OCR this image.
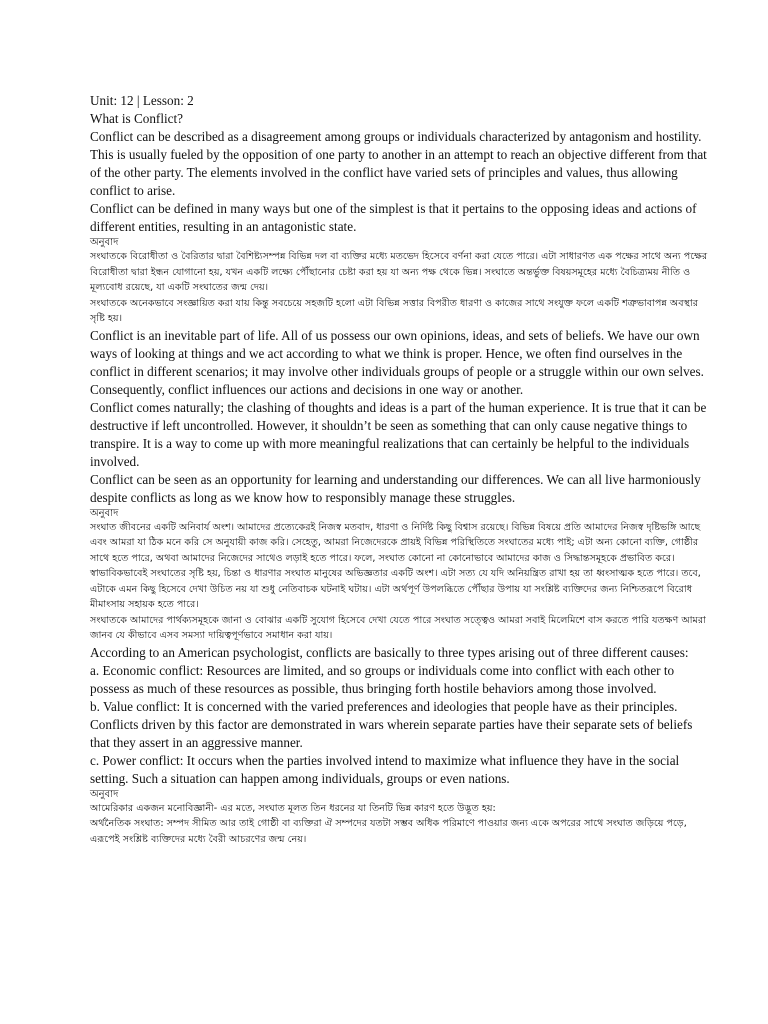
Unit: 12 | Lesson: 2

What is Conflict?

Conflict can be described as a disagreement among groups or individuals characterized by antagonism and hostility. This is usually fueled by the opposition of one party to another in an attempt to reach an objective different from that of the other party. The elements involved in the conflict have varied sets of principles and values, thus allowing conflict to arise.

Conflict can be defined in many ways but one of the simplest is that it pertains to the opposing ideas and actions of different entities, resulting in an antagonistic state.

অনুবাদ

সংঘাতকে বিরোধীতা ও বৈরিতার দ্বারা বৈশিষ্ট্যসম্পন্ন বিভিন্ন দল বা ব্যক্তির মধ্যে মতভেদ হিসেবে বর্ণনা করা যেতে পারে। এটা সাধারণত এক পক্ষের সাথে অন্য পক্ষের বিরোধীতা দ্বারা ইন্ধন যোগানো হয়, যখন একটি লক্ষ্যে পৌঁছানোর চেষ্টা করা হয় যা অন্য পক্ষ থেকে ভিন্ন। সংঘাতে অন্তর্ভুক্ত বিষয়সমূহের মধ্যে বৈচিত্র্যময় নীতি ও মূল্যবোধ রয়েছে, যা একটি সংঘাতের জন্ম দেয়।

সংঘাতকে অনেকভাবে সংজ্ঞায়িত করা যায় কিন্তু সবচেয়ে সহজটি হলো এটা বিভিন্ন সত্তার বিপরীত ধারণা ও কাজের সাথে সংযুক্ত ফলে একটি শত্রুভাবাপন্ন অবস্থার সৃষ্টি হয়।

Conflict is an inevitable part of life. All of us possess our own opinions, ideas, and sets of beliefs. We have our own ways of looking at things and we act according to what we think is proper. Hence, we often find ourselves in the conflict in different scenarios; it may involve other individuals groups of people or a struggle within our own selves. Consequently, conflict influences our actions and decisions in one way or another.

Conflict comes naturally; the clashing of thoughts and ideas is a part of the human experience. It is true that it can be destructive if left uncontrolled. However, it shouldn’t be seen as something that can only cause negative things to transpire. It is a way to come up with more meaningful realizations that can certainly be helpful to the individuals involved.

Conflict can be seen as an opportunity for learning and understanding our differences. We can all live harmoniously despite conflicts as long as we know how to responsibly manage these struggles.

অনুবাদ

সংঘাত জীবনের একটি অনিবার্য অংশ। আমাদের প্রত্যেকেরই নিজস্ব মতবাদ, ধারণা ও নির্দিষ্ট কিছু বিশ্বাস রয়েছে। বিভিন্ন বিষয়ে প্রতি আমাদের নিজস্ব দৃষ্টিভঙ্গি আছে এবং আমরা যা ঠিক মনে করি সে অনুযায়ী কাজ করি। সেহেতু, আমরা নিজেদেরকে প্রায়ই বিভিন্ন পরিস্থিতিতে সংঘাতের মধ্যে পাই; এটা অন্য কোনো ব্যক্তি, গোষ্ঠীর সাথে হতে পারে, অথবা আমাদের নিজেদের সাথেও লড়াই হতে পারে। ফলে, সংঘাত কোনো না কোনোভাবে আমাদের কাজ ও সিদ্ধান্তসমূহকে প্রভাবিত করে।

স্বাভাবিকভাবেই সংঘাতের সৃষ্টি হয়, চিন্তা ও ধারণার সংঘাত মানুষের অভিজ্ঞতার একটি অংশ। এটা সত্য যে যদি অনিয়ন্ত্রিত রাখা হয় তা ধ্বংসাত্মক হতে পারে। তবে, এটাকে এমন কিছু হিসেবে দেখা উচিত নয় যা শুধু নেতিবাচক ঘটনাই ঘটায়। এটা অর্থপূর্ণ উপলব্ধিতে পৌঁছার উপায় যা সংশ্লিষ্ট ব্যক্তিদের জন্য নিশ্চিতরূপে বিরোধ মীমাংসায় সহায়ক হতে পারে।

সংঘাতকে আমাদের পার্থক্যসমূহকে জানা ও বোঝার একটি সুযোগ হিসেবে দেখা যেতে পারে সংঘাত সত্ত্বেও আমরা সবাই মিলেমিশে বাস করতে পারি যতক্ষণ আমরা জানব যে কীভাবে এসব সমস্যা দায়িত্বপূর্ণভাবে সমাধান করা যায়।

According to an American psychologist, conflicts are basically to three types arising out of three different causes:

a. Economic conflict: Resources are limited, and so groups or individuals come into conflict with each other to possess as much of these resources as possible, thus bringing forth hostile behaviors among those involved.

b. Value conflict: It is concerned with the varied preferences and ideologies that people have as their principles. Conflicts driven by this factor are demonstrated in wars wherein separate parties have their separate sets of beliefs that they assert in an aggressive manner.

c. Power conflict: It occurs when the parties involved intend to maximize what influence they have in the social setting. Such a situation can happen among individuals, groups or even nations.

অনুবাদ

আমেরিকার একজন মনোবিজ্ঞানী- এর মতে, সংঘাত মূলত তিন ধরনের যা তিনটি ভিন্ন কারণ হতে উদ্ভূত হয়:

অর্থনৈতিক সংঘাত: সম্পদ সীমিত আর তাই গোষ্ঠী বা ব্যক্তিরা ঐ সম্পদের যতটা সম্ভব অধিক পরিমাণে পাওয়ার জন্য একে অপরের সাথে সংঘাত জড়িয়ে পড়ে, এরূপেই সংশ্লিষ্ট ব্যক্তিদের মধ্যে বৈরী আচরণের জন্ম নেয়।
